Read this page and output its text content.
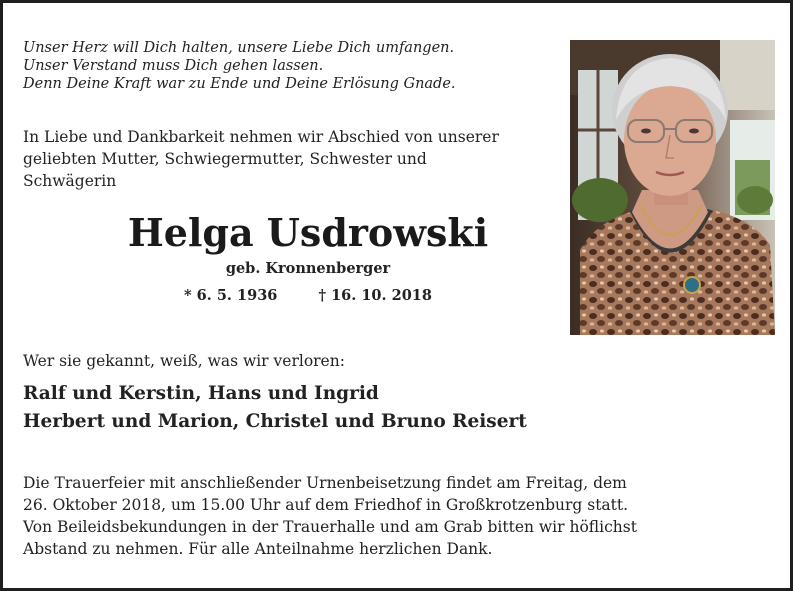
Unser Herz will Dich halten, unsere Liebe Dich umfangen.
Unser Verstand muss Dich gehen lassen.
Denn Deine Kraft war zu Ende und Deine Erlösung Gnade.
In Liebe und Dankbarkeit nehmen wir Abschied von unserer
geliebten Mutter, Schwiegermutter, Schwester und
Schwägerin
Helga Usdrowski
geb. Kronnenberger
* 6. 5. 1936	† 16. 10. 2018
Wer sie gekannt, weiß, was wir verloren:
Ralf und Kerstin, Hans und Ingrid
Herbert und Marion, Christel und Bruno Reisert
Die Trauerfeier mit anschließender Urnenbeisetzung findet am Freitag, dem
26. Oktober 2018, um 15.00 Uhr auf dem Friedhof in Großkrotzenburg statt.
Von Beileidsbekundungen in der Trauerhalle und am Grab bitten wir höflichst
Abstand zu nehmen. Für alle Anteilnahme herzlichen Dank.
